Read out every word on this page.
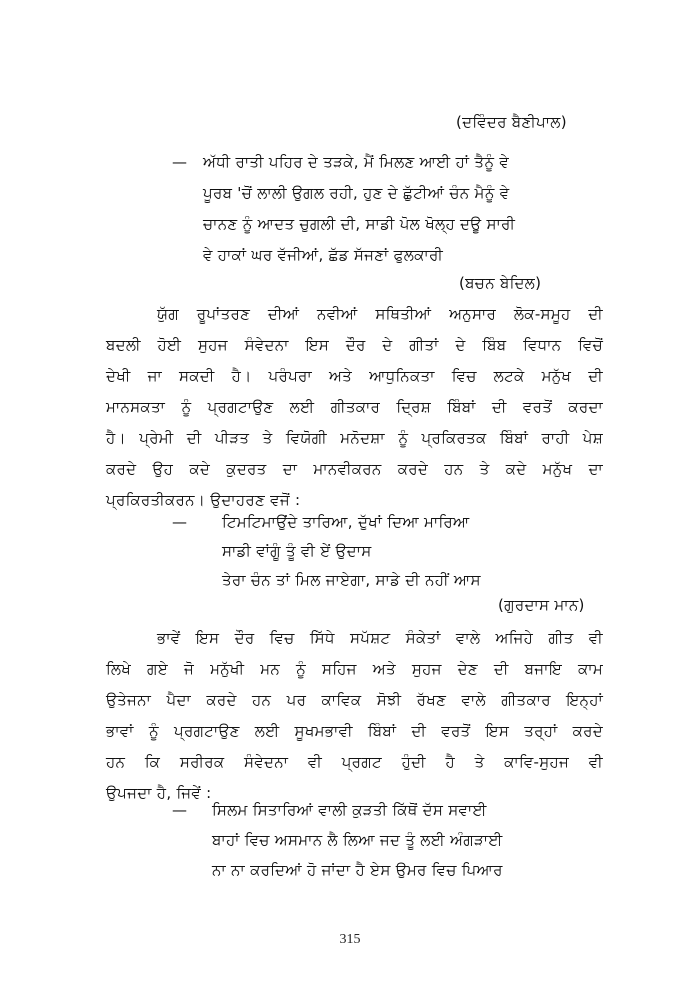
(ਦਵਿੰਦਰ ਬੈਣੀਪਾਲ)
— ਅੱਧੀ ਰਾਤੀ ਪਹਿਰ ਦੇ ਤੜਕੇ, ਮੈਂ ਮਿਲਣ ਆਈ ਹਾਂ ਤੈਨੂੰ ਵੇ
ਪੂਰਬ 'ਚੋਂ ਲਾਲੀ ਉਗਲ ਰਹੀ, ਹੁਣ ਦੇ ਛੁੱਟੀਆਂ ਚੰਨ ਮੈਨੂੰ ਵੇ
ਚਾਨਣ ਨੂੰ ਆਦਤ ਚੁਗਲੀ ਦੀ, ਸਾਡੀ ਪੋਲ ਖੋਲ੍ਹ ਦਊ ਸਾਰੀ
ਵੇ ਹਾਕਾਂ ਘਰ ਵੱਜੀਆਂ, ਛੱਡ ਸੱਜਣਾਂ ਫੁਲਕਾਰੀ
(ਬਚਨ ਬੇਦਿਲ)
ਯੁੱਗ ਰੂਪਾਂਤਰਣ ਦੀਆਂ ਨਵੀਆਂ ਸਥਿਤੀਆਂ ਅਨੁਸਾਰ ਲੋਕ-ਸਮੂਹ ਦੀ
ਬਦਲੀ ਹੋਈ ਸੁਹਜ ਸੰਵੇਦਨਾ ਇਸ ਦੌਰ ਦੇ ਗੀਤਾਂ ਦੇ ਬਿੰਬ ਵਿਧਾਨ ਵਿਚੋਂ
ਦੇਖੀ ਜਾ ਸਕਦੀ ਹੈ। ਪਰੰਪਰਾ ਅਤੇ ਆਧੁਨਿਕਤਾ ਵਿਚ ਲਟਕੇ ਮਨੁੱਖ ਦੀ
ਮਾਨਸਕਤਾ ਨੂੰ ਪ੍ਰਗਟਾਉਣ ਲਈ ਗੀਤਕਾਰ ਦ੍ਰਿਸ਼ ਬਿੰਬਾਂ ਦੀ ਵਰਤੋਂ ਕਰਦਾ
ਹੈ। ਪ੍ਰੇਮੀ ਦੀ ਪੀੜਤ ਤੇ ਵਿਯੋਗੀ ਮਨੋਦਸ਼ਾ ਨੂੰ ਪ੍ਰਕਿਰਤਕ ਬਿੰਬਾਂ ਰਾਹੀ ਪੇਸ਼
ਕਰਦੇ ਉਹ ਕਦੇ ਕੁਦਰਤ ਦਾ ਮਾਨਵੀਕਰਨ ਕਰਦੇ ਹਨ ਤੇ ਕਦੇ ਮਨੁੱਖ ਦਾ
ਪ੍ਰਕਿਰਤੀਕਰਨ। ਉਦਾਹਰਣ ਵਜੋਂ :
— ਟਿਮਟਿਮਾਉਂਦੇ ਤਾਰਿਆ, ਦੁੱਖਾਂ ਦਿਆ ਮਾਰਿਆ
ਸਾਡੀ ਵਾਂਗੂੰ ਤੂੰ ਵੀ ਏਂ ਉਦਾਸ
ਤੇਰਾ ਚੰਨ ਤਾਂ ਮਿਲ ਜਾਏਗਾ, ਸਾਡੇ ਦੀ ਨਹੀਂ ਆਸ
(ਗੁਰਦਾਸ ਮਾਨ)
ਭਾਵੇਂ ਇਸ ਦੌਰ ਵਿਚ ਸਿੱਧੇ ਸਪੱਸ਼ਟ ਸੰਕੇਤਾਂ ਵਾਲੇ ਅਜਿਹੇ ਗੀਤ ਵੀ
ਲਿਖੇ ਗਏ ਜੋ ਮਨੁੱਖੀ ਮਨ ਨੂੰ ਸਹਿਜ ਅਤੇ ਸੁਹਜ ਦੇਣ ਦੀ ਬਜਾਇ ਕਾਮ
ਉਤੇਜਨਾ ਪੈਦਾ ਕਰਦੇ ਹਨ ਪਰ ਕਾਵਿਕ ਸੋਝੀ ਰੱਖਣ ਵਾਲੇ ਗੀਤਕਾਰ ਇਨ੍ਹਾਂ
ਭਾਵਾਂ ਨੂੰ ਪ੍ਰਗਟਾਉਣ ਲਈ ਸੂਖਮਭਾਵੀ ਬਿੰਬਾਂ ਦੀ ਵਰਤੋਂ ਇਸ ਤਰ੍ਹਾਂ ਕਰਦੇ
ਹਨ ਕਿ ਸਰੀਰਕ ਸੰਵੇਦਨਾ ਵੀ ਪ੍ਰਗਟ ਹੁੰਦੀ ਹੈ ਤੇ ਕਾਵਿ-ਸੁਹਜ ਵੀ
ਉਪਜਦਾ ਹੈ, ਜਿਵੇਂ :
— ਸਿਲਮ ਸਿਤਾਰਿਆਂ ਵਾਲੀ ਕੁੜਤੀ ਕਿੱਥੋਂ ਦੱਸ ਸਵਾਈ
ਬਾਹਾਂ ਵਿਚ ਅਸਮਾਨ ਲੈ ਲਿਆ ਜਦ ਤੂੰ ਲਈ ਅੰਗੜਾਈ
ਨਾ ਨਾ ਕਰਦਿਆਂ ਹੋ ਜਾਂਦਾ ਹੈ ਏਸ ਉਮਰ ਵਿਚ ਪਿਆਰ
315
